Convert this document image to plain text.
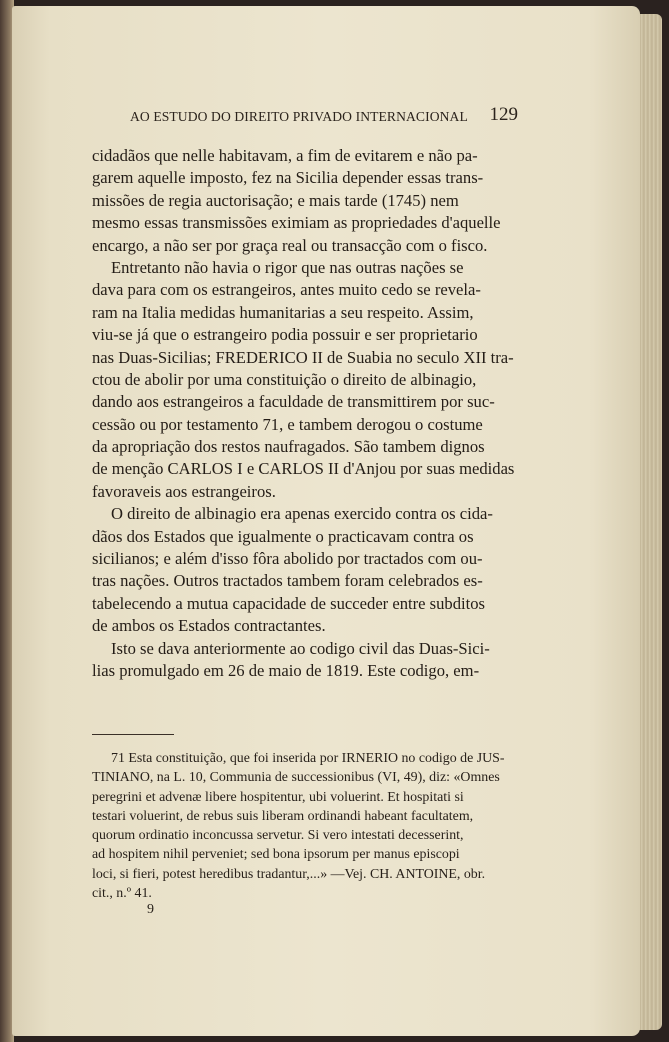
AO ESTUDO DO DIREITO PRIVADO INTERNACIONAL 129
cidadãos que nelle habitavam, a fim de evitarem e não pa-
garem aquelle imposto, fez na Sicilia depender essas trans-
missões de regia auctorisação; e mais tarde (1745) nem
mesmo essas transmissões eximiam as propriedades d'aquelle
encargo, a não ser por graça real ou transacção com o fisco.
Entretanto não havia o rigor que nas outras nações se
dava para com os estrangeiros, antes muito cedo se revela-
ram na Italia medidas humanitarias a seu respeito. Assim,
viu-se já que o estrangeiro podia possuir e ser proprietario
nas Duas-Sicilias; FREDERICO II de Suabia no seculo XII tra-
ctou de abolir por uma constituição o direito de albinagio,
dando aos estrangeiros a faculdade de transmittirem por suc-
cessão ou por testamento 71, e tambem derogou o costume
da apropriação dos restos naufragados. São tambem dignos
de menção CARLOS I e CARLOS II d'Anjou por suas medidas
favoraveis aos estrangeiros.
O direito de albinagio era apenas exercido contra os cida-
dãos dos Estados que igualmente o practicavam contra os
sicilianos; e além d'isso fôra abolido por tractados com ou-
tras nações. Outros tractados tambem foram celebrados es-
tabelecendo a mutua capacidade de succeder entre subditos
de ambos os Estados contractantes.
Isto se dava anteriormente ao codigo civil das Duas-Sici-
lias promulgado em 26 de maio de 1819. Este codigo, em-
71 Esta constituição, que foi inserida por IRNERIO no codigo de JUS-
TINIANO, na L. 10, Communia de successionibus (VI, 49), diz: «Omnes
peregrini et advenæ libere hospitentur, ubi voluerint. Et hospitati si
testari voluerint, de rebus suis liberam ordinandi habeant facultatem,
quorum ordinatio inconcussa servetur. Si vero intestati decesserint,
ad hospitem nihil perveniet; sed bona ipsorum per manus episcopi
loci, si fieri, potest heredibus tradantur,...» —Vej. CH. ANTOINE, obr.
cit., n.º 41.
9
